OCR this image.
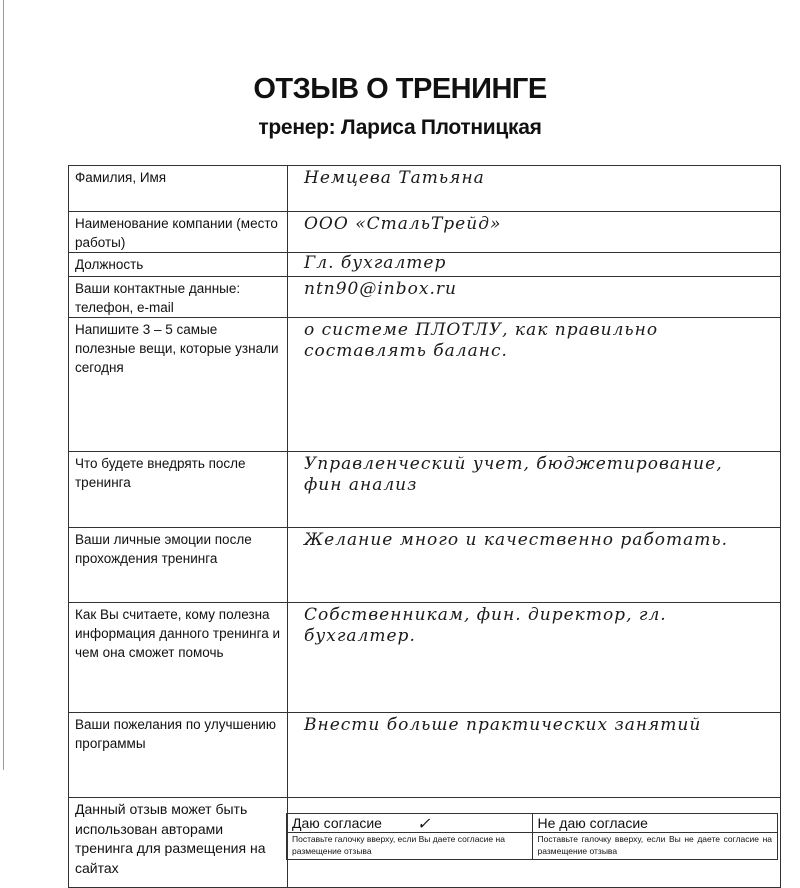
ОТЗЫВ О ТРЕНИНГЕ
тренер: Лариса Плотницкая
Фамилия, Имя	Немцева Татьяна

Наименование компании (место работы)	ООО «СтальТрейд»

Должность	Гл. бухгалтер

Ваши контактные данные: телефон, e-mail	ntn90@inbox.ru

Напишите 3 – 5 самые полезные вещи, которые узнали сегодня	о системе ПЛОТЛУ, как правильно составлять баланс.

Что будете внедрять после тренинга	Управленческий учет, бюджетирование, фин анализ

Ваши личные эмоции после прохождения тренинга	Желание много и качественно работать.

Как Вы считаете, кому полезна информация данного тренинга и чем она сможет помочь	Собственникам, фин. директор, гл. бухгалтер.

Ваши пожелания по улучшению программы	Внести больше практических занятий

Данный отзыв может быть использован авторами тренинга для размещения на сайтах	
Даю согласие ✓	Не даю согласие
Поставьте галочку вверху, если Вы даете согласие на размещение отзыва	Поставьте галочку вверху, если Вы не даете согласие на размещение отзыва
